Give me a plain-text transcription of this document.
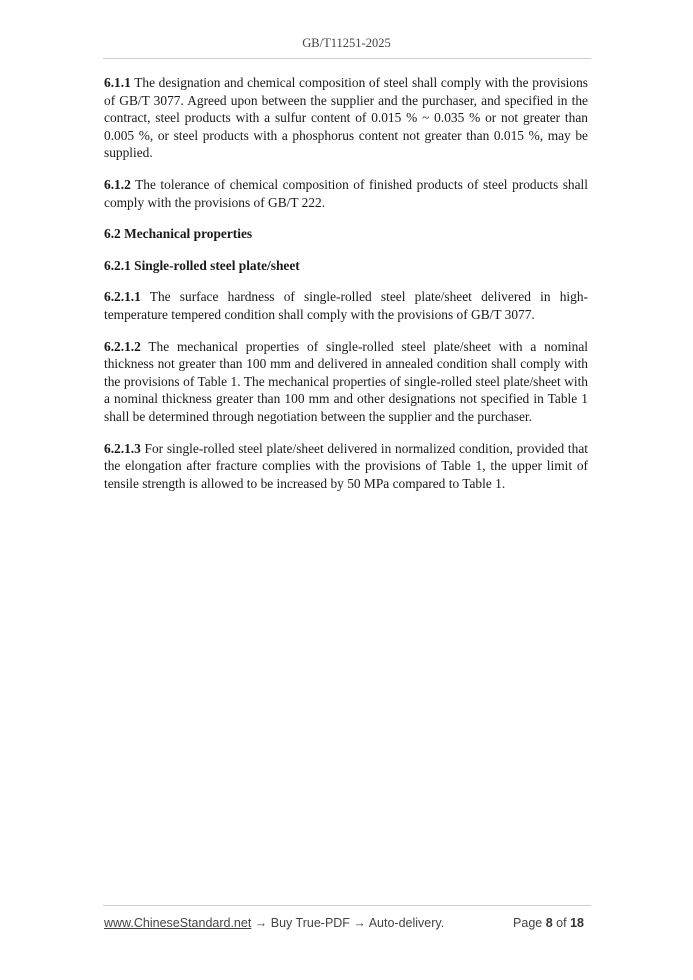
GB/T11251-2025

6.1.1 The designation and chemical composition of steel shall comply with the provisions of GB/T 3077. Agreed upon between the supplier and the purchaser, and specified in the contract, steel products with a sulfur content of 0.015 % ~ 0.035 % or not greater than 0.005 %, or steel products with a phosphorus content not greater than 0.015 %, may be supplied.

6.1.2 The tolerance of chemical composition of finished products of steel products shall comply with the provisions of GB/T 222.

6.2 Mechanical properties

6.2.1 Single-rolled steel plate/sheet

6.2.1.1 The surface hardness of single-rolled steel plate/sheet delivered in high-temperature tempered condition shall comply with the provisions of GB/T 3077.

6.2.1.2 The mechanical properties of single-rolled steel plate/sheet with a nominal thickness not greater than 100 mm and delivered in annealed condition shall comply with the provisions of Table 1. The mechanical properties of single-rolled steel plate/sheet with a nominal thickness greater than 100 mm and other designations not specified in Table 1 shall be determined through negotiation between the supplier and the purchaser.

6.2.1.3 For single-rolled steel plate/sheet delivered in normalized condition, provided that the elongation after fracture complies with the provisions of Table 1, the upper limit of tensile strength is allowed to be increased by 50 MPa compared to Table 1.

www.ChineseStandard.net → Buy True-PDF → Auto-delivery.	Page 8 of 18
